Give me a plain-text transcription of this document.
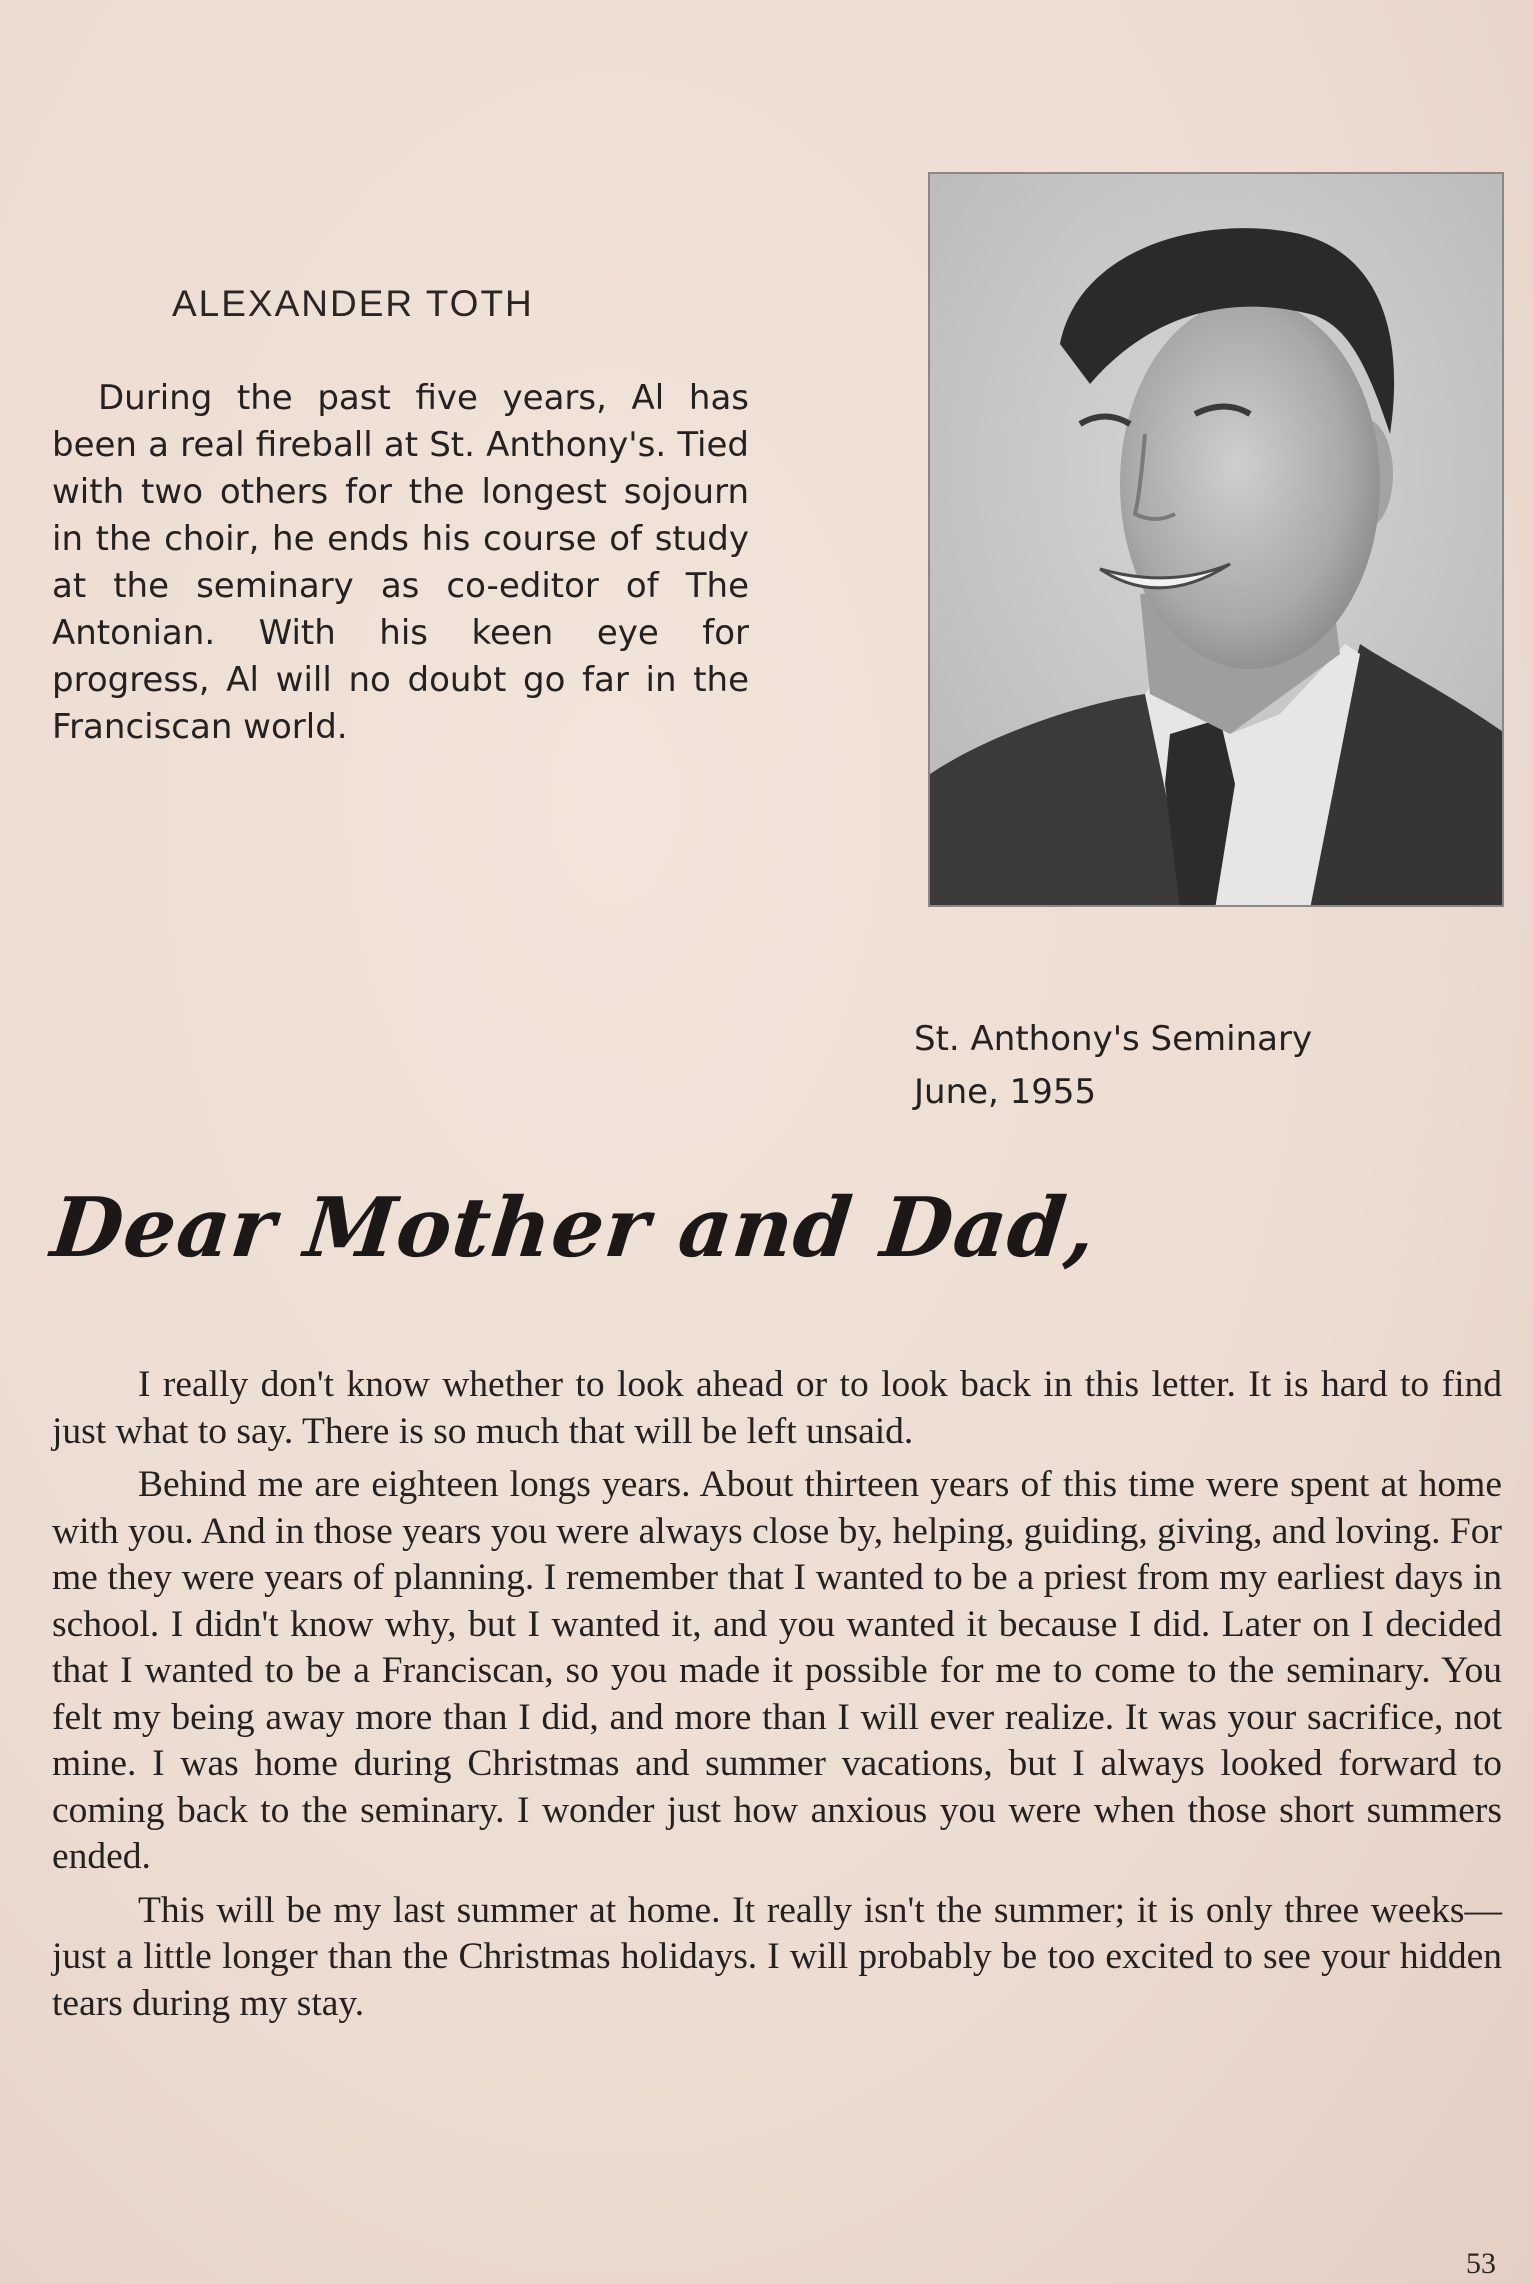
ALEXANDER TOTH

During the past five years, Al has been a real fireball at St. Anthony's. Tied with two others for the longest sojourn in the choir, he ends his course of study at the seminary as co-editor of The Antonian. With his keen eye for progress, Al will no doubt go far in the Franciscan world.

St. Anthony's Seminary
June, 1955
Dear Mother and Dad,

I really don't know whether to look ahead or to look back in this letter. It is hard to find just what to say. There is so much that will be left unsaid.

Behind me are eighteen longs years. About thirteen years of this time were spent at home with you. And in those years you were always close by, helping, guiding, giving, and loving. For me they were years of planning. I remember that I wanted to be a priest from my earliest days in school. I didn't know why, but I wanted it, and you wanted it because I did. Later on I decided that I wanted to be a Franciscan, so you made it possible for me to come to the seminary. You felt my being away more than I did, and more than I will ever realize. It was your sacrifice, not mine. I was home during Christmas and summer vacations, but I always looked forward to coming back to the seminary. I wonder just how anxious you were when those short summers ended.

This will be my last summer at home. It really isn't the summer; it is only three weeks—just a little longer than the Christmas holidays. I will probably be too excited to see your hidden tears during my stay.

53
